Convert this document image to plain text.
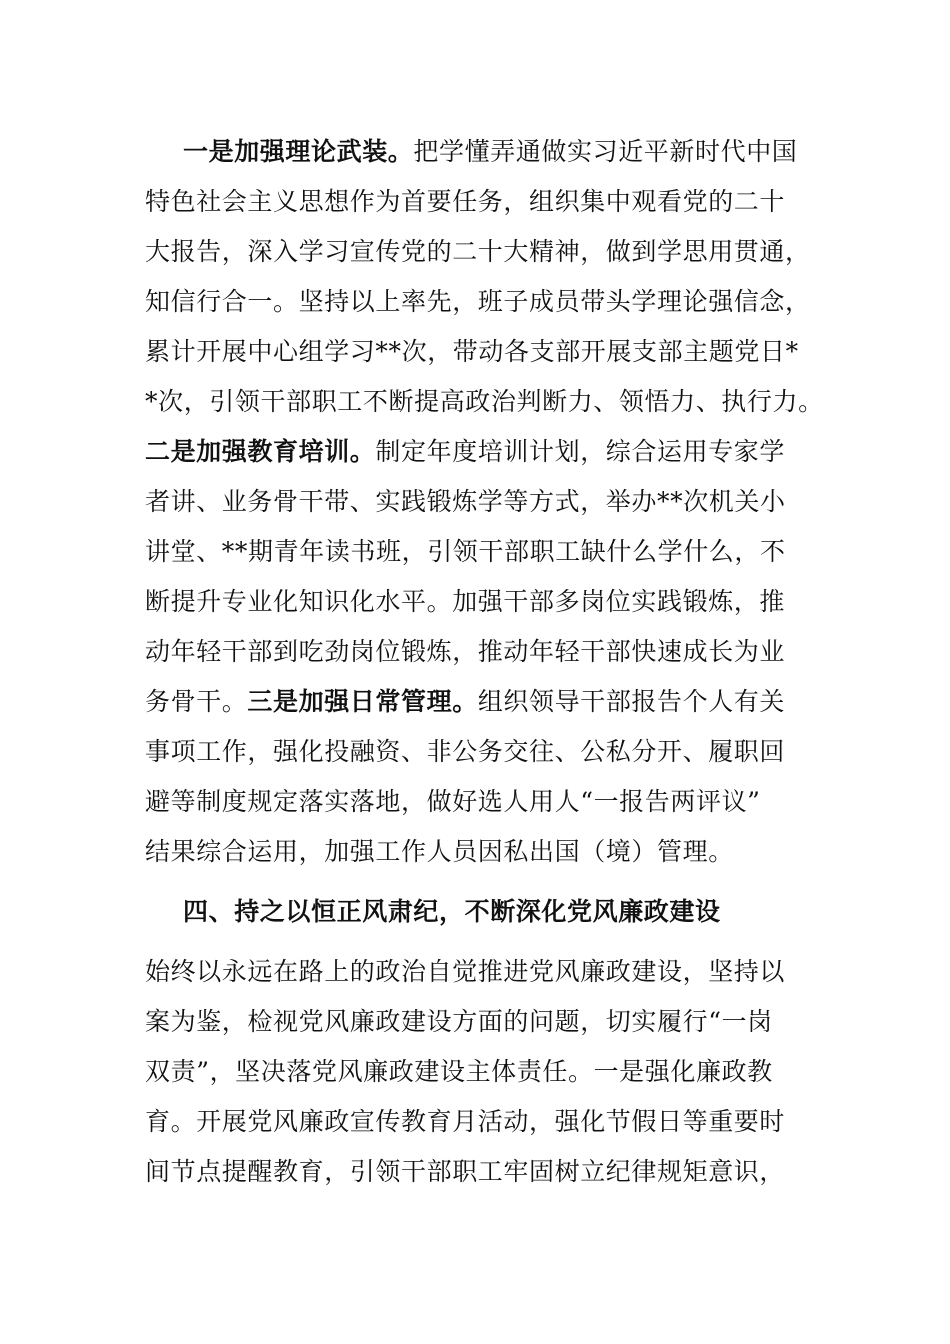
一是加强理论武装。把学懂弄通做实习近平新时代中国
特色社会主义思想作为首要任务，组织集中观看党的二十
大报告，深入学习宣传党的二十大精神，做到学思用贯通，
知信行合一。坚持以上率先，班子成员带头学理论强信念，
累计开展中心组学习**次，带动各支部开展支部主题党日*
*次，引领干部职工不断提高政治判断力、领悟力、执行力。
二是加强教育培训。制定年度培训计划，综合运用专家学
者讲、业务骨干带、实践锻炼学等方式，举办**次机关小
讲堂、**期青年读书班，引领干部职工缺什么学什么，不
断提升专业化知识化水平。加强干部多岗位实践锻炼，推
动年轻干部到吃劲岗位锻炼，推动年轻干部快速成长为业
务骨干。三是加强日常管理。组织领导干部报告个人有关
事项工作，强化投融资、非公务交往、公私分开、履职回
避等制度规定落实落地，做好选人用人“一报告两评议”
结果综合运用，加强工作人员因私出国（境）管理。
四、持之以恒正风肃纪，不断深化党风廉政建设
始终以永远在路上的政治自觉推进党风廉政建设，坚持以
案为鉴，检视党风廉政建设方面的问题，切实履行“一岗
双责”，坚决落党风廉政建设主体责任。一是强化廉政教
育。开展党风廉政宣传教育月活动，强化节假日等重要时
间节点提醒教育，引领干部职工牢固树立纪律规矩意识，
